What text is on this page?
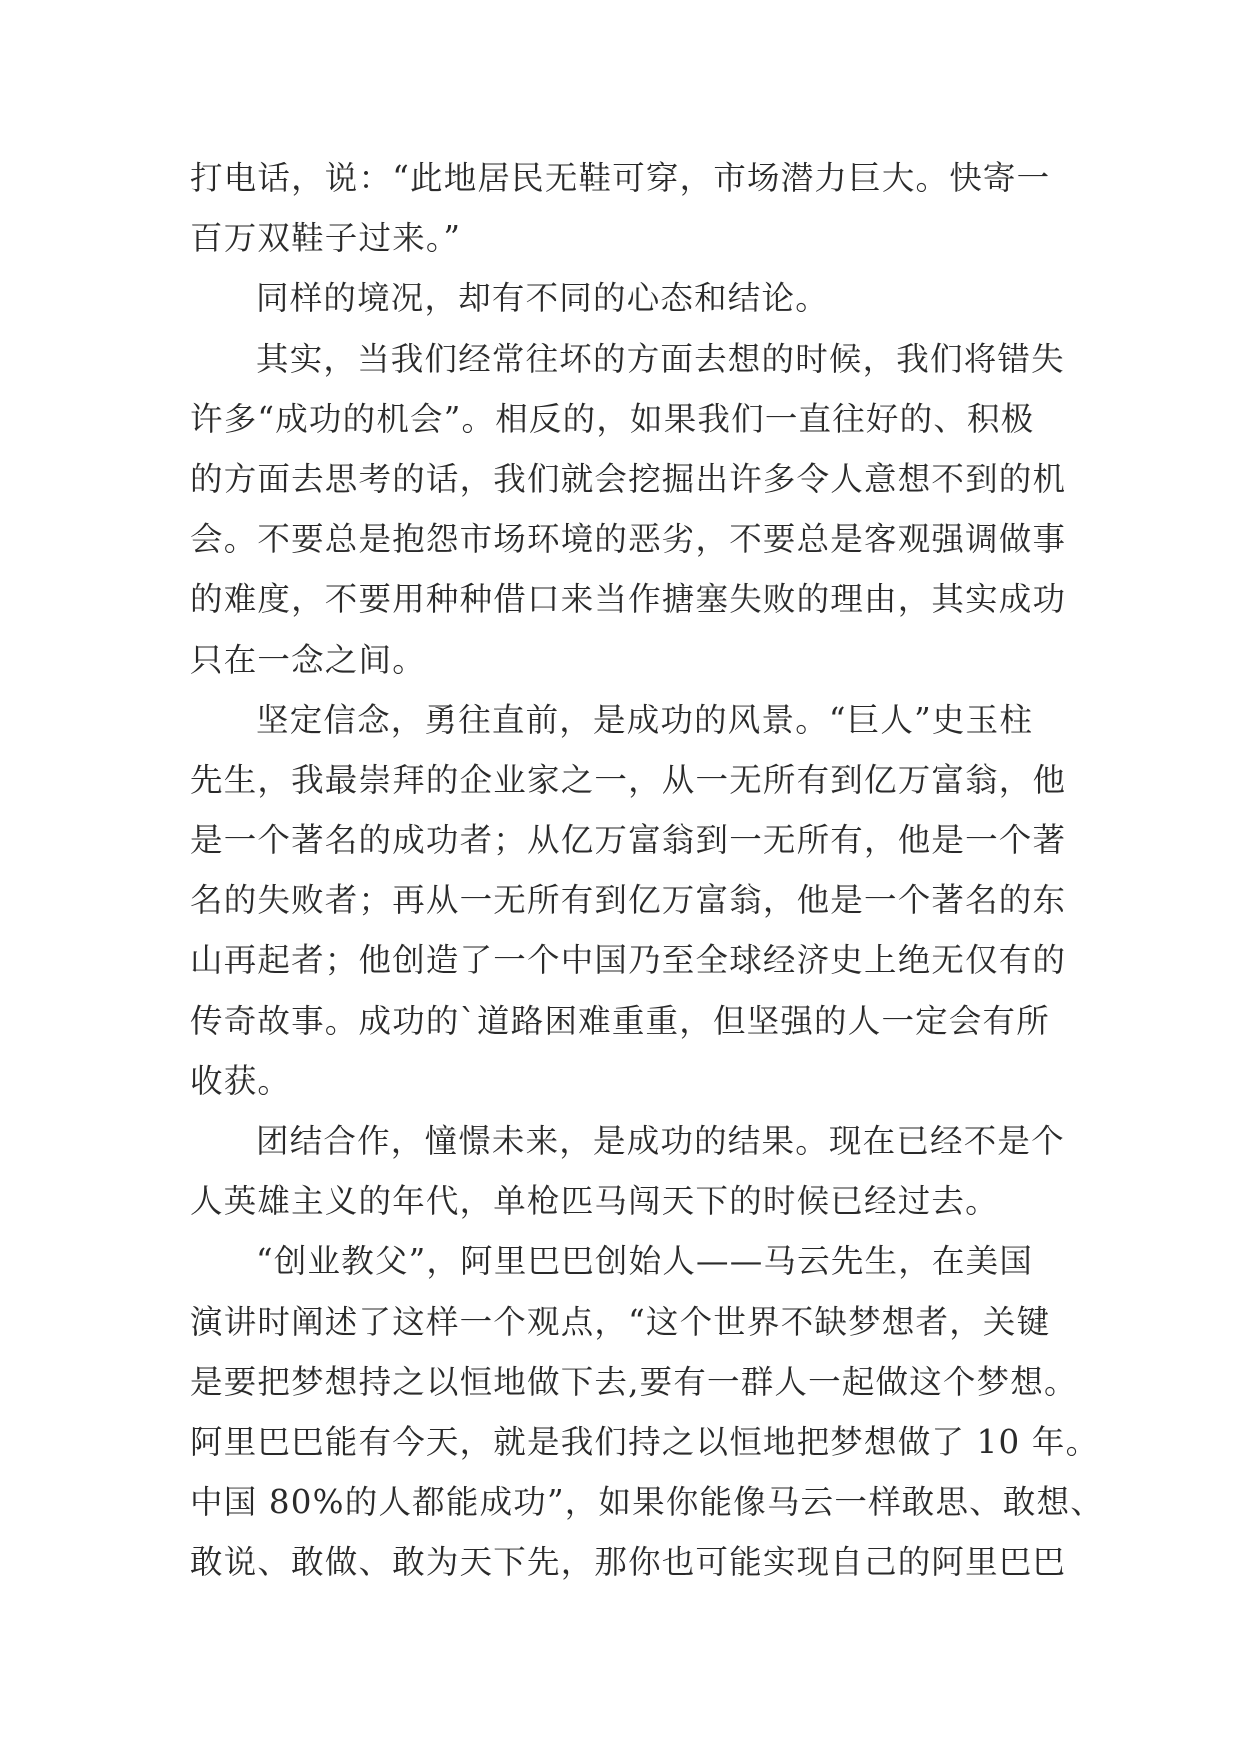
打电话，说：“此地居民无鞋可穿，市场潜力巨大。快寄一
百万双鞋子过来。”
同样的境况，却有不同的心态和结论。
其实，当我们经常往坏的方面去想的时候，我们将错失
许多“成功的机会”。相反的，如果我们一直往好的、积极
的方面去思考的话，我们就会挖掘出许多令人意想不到的机
会。不要总是抱怨市场环境的恶劣，不要总是客观强调做事
的难度，不要用种种借口来当作搪塞失败的理由，其实成功
只在一念之间。
坚定信念，勇往直前，是成功的风景。“巨人”史玉柱
先生，我最崇拜的企业家之一，从一无所有到亿万富翁，他
是一个著名的成功者；从亿万富翁到一无所有，他是一个著
名的失败者；再从一无所有到亿万富翁，他是一个著名的东
山再起者；他创造了一个中国乃至全球经济史上绝无仅有的
传奇故事。成功的`道路困难重重，但坚强的人一定会有所
收获。
团结合作，憧憬未来，是成功的结果。现在已经不是个
人英雄主义的年代，单枪匹马闯天下的时候已经过去。
“创业教父”，阿里巴巴创始人——马云先生，在美国
演讲时阐述了这样一个观点，“这个世界不缺梦想者，关键
是要把梦想持之以恒地做下去,要有一群人一起做这个梦想。
阿里巴巴能有今天，就是我们持之以恒地把梦想做了 10 年。
中国 80%的人都能成功”，如果你能像马云一样敢思、敢想、
敢说、敢做、敢为天下先，那你也可能实现自己的阿里巴巴
